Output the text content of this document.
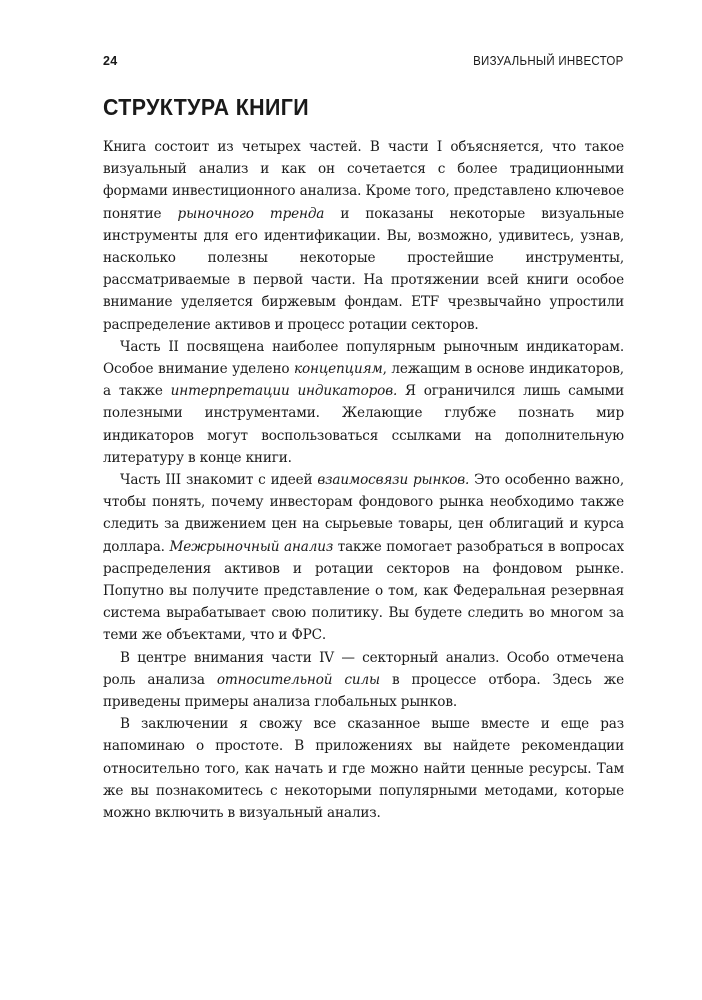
24	ВИЗУАЛЬНЫЙ ИНВЕСТОР
СТРУКТУРА КНИГИ

Книга состоит из четырех частей. В части I объясняется, что такое визуальный анализ и как он сочетается с более традиционными формами инвестиционного анализа. Кроме того, представлено ключевое понятие рыночного тренда и показаны некоторые визуальные инструменты для его идентификации. Вы, возможно, удивитесь, узнав, насколько полезны некоторые простейшие инструменты, рассматриваемые в первой части. На протяжении всей книги особое внимание уделяется биржевым фондам. ETF чрезвычайно упростили распределение активов и процесс ротации секторов.

Часть II посвящена наиболее популярным рыночным индикаторам. Особое внимание уделено концепциям, лежащим в основе индикаторов, а также интерпретации индикаторов. Я ограничился лишь самыми полезными инструментами. Желающие глубже познать мир индикаторов могут воспользоваться ссылками на дополнительную литературу в конце книги.

Часть III знакомит с идеей взаимосвязи рынков. Это особенно важно, чтобы понять, почему инвесторам фондового рынка необходимо также следить за движением цен на сырьевые товары, цен облигаций и курса доллара. Межрыночный анализ также помогает разобраться в вопросах распределения активов и ротации секторов на фондовом рынке. Попутно вы получите представление о том, как Федеральная резервная система вырабатывает свою политику. Вы будете следить во многом за теми же объектами, что и ФРС.

В центре внимания части IV — секторный анализ. Особо отмечена роль анализа относительной силы в процессе отбора. Здесь же приведены примеры анализа глобальных рынков.

В заключении я свожу все сказанное выше вместе и еще раз напоминаю о простоте. В приложениях вы найдете рекомендации относительно того, как начать и где можно найти ценные ресурсы. Там же вы познакомитесь с некоторыми популярными методами, которые можно включить в визуальный анализ.
